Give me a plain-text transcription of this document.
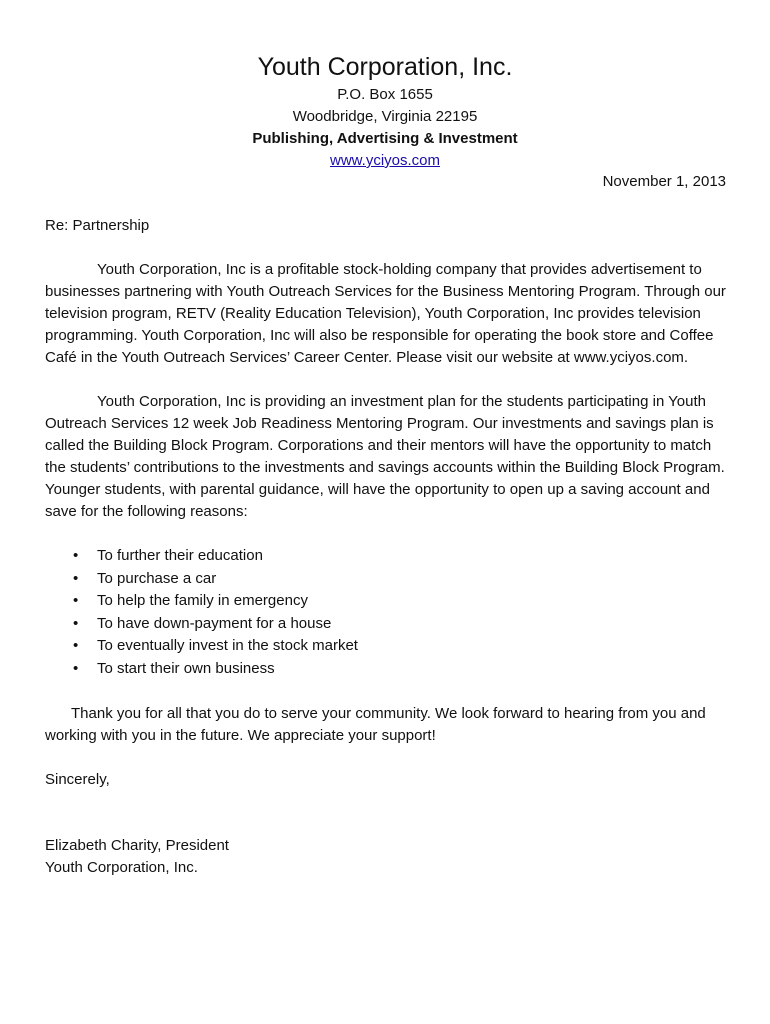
Youth Corporation, Inc.
P.O. Box 1655
Woodbridge, Virginia 22195
Publishing, Advertising & Investment
www.yciyos.com
November 1, 2013

Re: Partnership

Youth Corporation, Inc is a profitable stock-holding company that provides advertisement to businesses partnering with Youth Outreach Services for the Business Mentoring Program. Through our television program, RETV (Reality Education Television), Youth Corporation, Inc provides television programming. Youth Corporation, Inc will also be responsible for operating the book store and Coffee Café in the Youth Outreach Services’ Career Center. Please visit our website at www.yciyos.com.

Youth Corporation, Inc is providing an investment plan for the students participating in Youth Outreach Services 12 week Job Readiness Mentoring Program. Our investments and savings plan is called the Building Block Program. Corporations and their mentors will have the opportunity to match the students’ contributions to the investments and savings accounts within the Building Block Program. Younger students, with parental guidance, will have the opportunity to open up a saving account and save for the following reasons:

• To further their education
• To purchase a car
• To help the family in emergency
• To have down-payment for a house
• To eventually invest in the stock market
• To start their own business

Thank you for all that you do to serve your community. We look forward to hearing from you and working with you in the future. We appreciate your support!

Sincerely,

Elizabeth Charity, President

Youth Corporation, Inc.
